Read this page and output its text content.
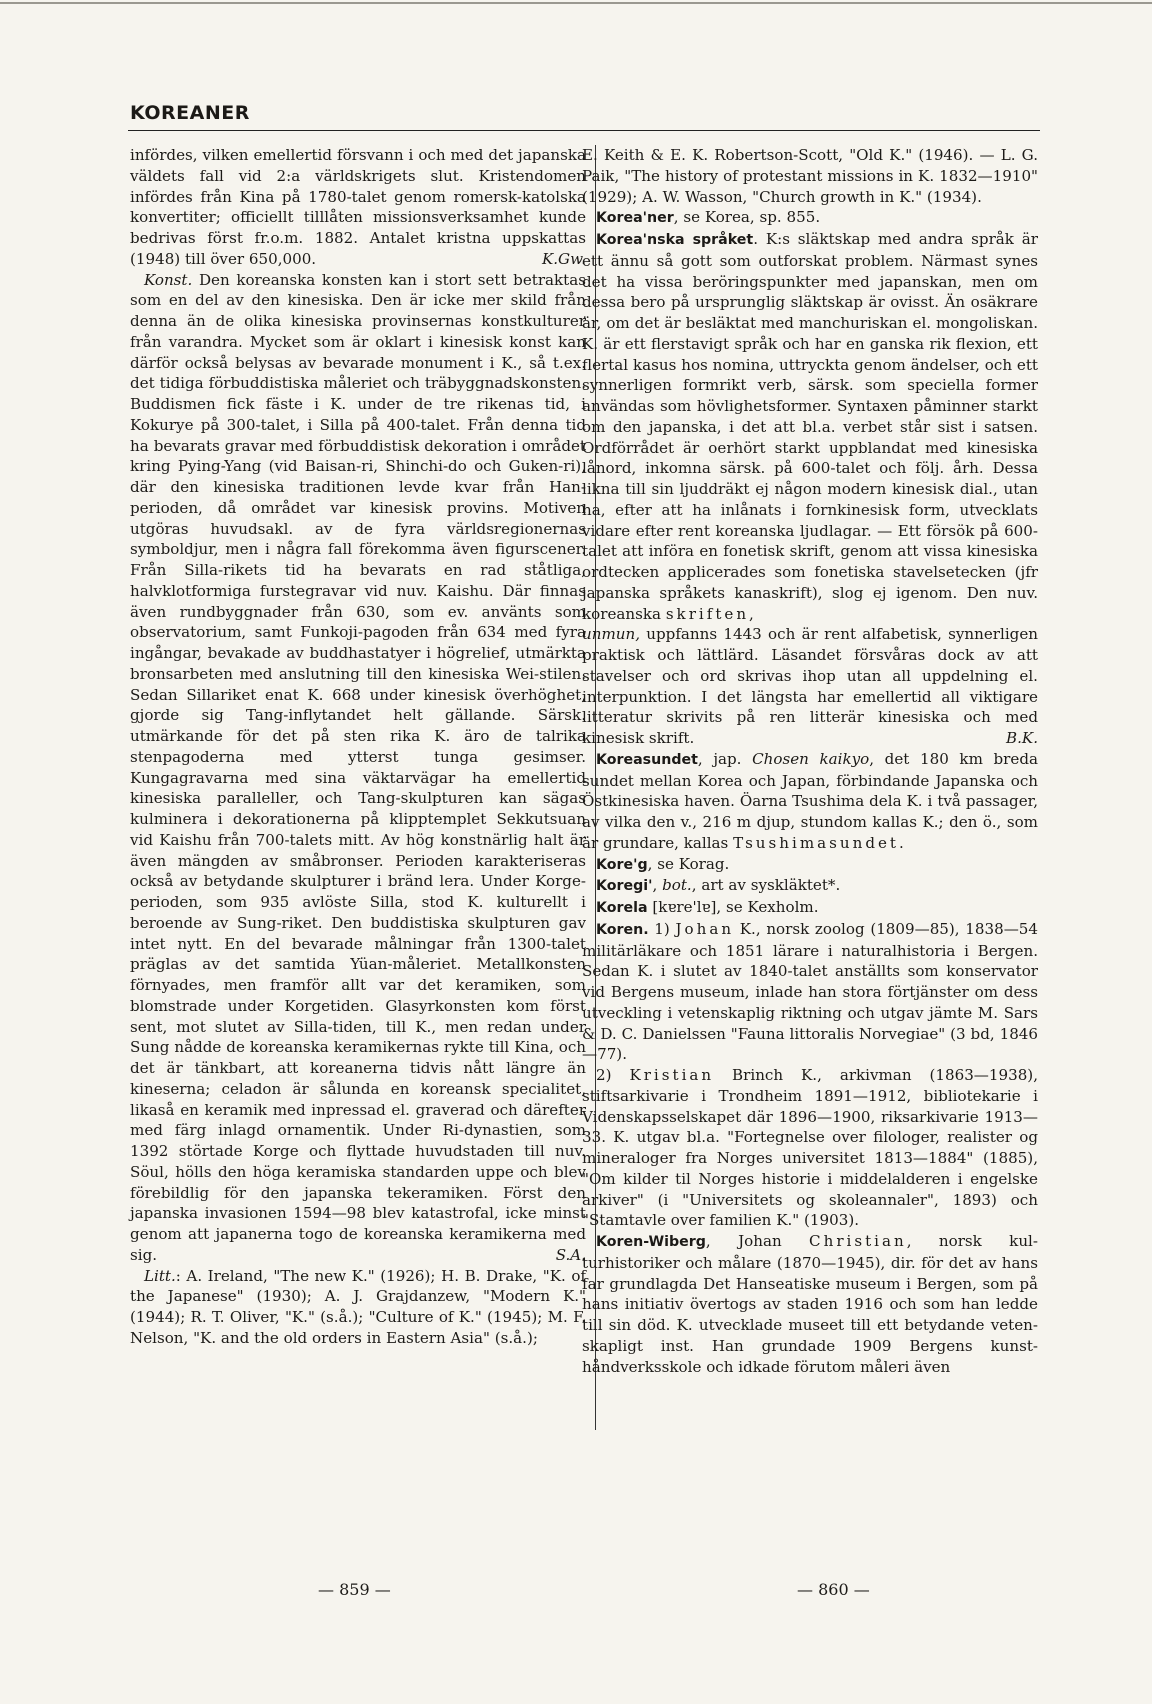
KOREANER

infördes, vilken emellertid försvann i och med det japanska väldets fall vid 2:a världskrigets slut. Kristendomen infördes från Kina på 1780-talet genom romersk-katolska konvertiter; officiellt tilllåten missionsverksamhet kunde bedrivas först fr.o.m. 1882. Antalet kristna uppskattas (1948) till över 650,000.	K.Gw.

Konst. Den koreanska konsten kan i stort sett betraktas som en del av den kinesiska. Den är icke mer skild från denna än de olika kinesiska provinsernas konstkulturer från varandra. Mycket som är oklart i kinesisk konst kan därför också belysas av bevarade monument i K., så t.ex. det tidiga förbuddistiska måleriet och träbyggnadskonsten. Buddismen fick fäste i K. under de tre rikenas tid, i Kokurye på 300-talet, i Silla på 400-talet. Från denna tid ha bevarats gravar med förbuddistisk dekoration i området kring Pying-Yang (vid Baisan-ri, Shinchi-do och Guken-ri), där den kinesiska traditionen levde kvar från Han-perioden, då området var kinesisk provins. Motiven utgöras huvudsakl. av de fyra världsregionernas symboldjur, men i några fall förekomma även figurscener. Från Silla-rikets tid ha bevarats en rad ståtliga, halvklotformiga furstegravar vid nuv. Kaishu. Där finnas även rundbyggnader från 630, som ev. använts som observatorium, samt Funkoji-pagoden från 634 med fyra ingångar, bevakade av buddhastatyer i högrelief, utmärkta bronsarbeten med anslutning till den kinesiska Wei-stilen. Sedan Sillariket enat K. 668 under kinesisk överhöghet, gjorde sig Tang-inflytandet helt gällande. Särsk. utmärkande för det på sten rika K. äro de talrika stenpagoderna med ytterst tunga gesimser. Kungagravarna med sina väktarvägar ha emellertid kinesiska paralleller, och Tang-skulpturen kan sägas kulminera i dekorationerna på klipptemplet Sekkutsuan vid Kaishu från 700-talets mitt. Av hög konstnärlig halt är även mängden av småbronser. Perioden karakteriseras också av betydande skulpturer i bränd lera. Under Korgeperioden, som 935 avlöste Silla, stod K. kulturellt i beroende av Sung-riket. Den buddistiska skulpturen gav intet nytt. En del bevarade målningar från 1300-talet präglas av det samtida Yüan-måleriet. Metallkonsten förnyades, men framför allt var det keramiken, som blomstrade under Korgetiden. Glasyrkonsten kom först sent, mot slutet av Silla-tiden, till K., men redan under Sung nådde de koreanska keramikernas rykte till Kina, och det är tänkbart, att koreanerna tidvis nått längre än kineserna; celadon är sålunda en koreansk specialitet, likaså en keramik med inpressad el. graverad och därefter med färg inlagd ornamentik. Under Ri-dynastien, som 1392 störtade Korge och flyttade huvudstaden till nuv. Söul, hölls den höga keramiska standarden uppe och blev förebildlig för den japanska tekeramiken. Först den japanska invasionen 1594—98 blev katastrofal, icke minst genom att japanerna togo de koreanska keramikerna med sig.	S.A.

Litt.: A. Ireland, "The new K." (1926); H. B. Drake, "K. of the Japanese" (1930); A. J. Grajdanzew, "Modern K." (1944); R. T. Oliver, "K." (s.å.); "Culture of K." (1945); M. F. Nelson, "K. and the old orders in Eastern Asia" (s.å.);

E. Keith & E. K. Robertson-Scott, "Old K." (1946). — L. G. Paik, "The history of protestant missions in K. 1832—1910" (1929); A. W. Wasson, "Church growth in K." (1934).

Korea'ner, se Korea, sp. 855.

Korea'nska språket. K:s släktskap med andra språk är ett ännu så gott som outforskat problem. Närmast synes det ha vissa beröringspunkter med japanskan, men om dessa bero på ursprunglig släktskap är ovisst. Än osäkrare är, om det är besläktat med manchuriskan el. mongoliskan. K. är ett flerstavigt språk och har en ganska rik flexion, ett flertal kasus hos nomina, uttryckta genom ändelser, och ett synnerligen formrikt verb, särsk. som speciella former användas som hövlighetsformer. Syntaxen påminner starkt om den japanska, i det att bl.a. verbet står sist i satsen. Ordförrådet är oerhört starkt uppblandat med kinesiska lånord, inkomna särsk. på 600-talet och följ. årh. Dessa likna till sin ljuddräkt ej någon modern kinesisk dial., utan ha, efter att ha inlånats i fornkinesisk form, utvecklats vidare efter rent koreanska ljudlagar. — Ett försök på 600talet att införa en fonetisk skrift, genom att vissa kinesiska ordtecken applicerades som fonetiska stavelsetecken (jfr japanska språkets kanaskrift), slog ej igenom. Den nuv. koreanska skriften,
unmun, uppfanns 1443 och är rent alfabetisk, synnerligen praktisk och lättlärd. Läsandet försvåras dock av att stavelser och ord skrivas ihop utan all uppdelning el. interpunktion. I det längsta har emellertid all viktigare litteratur skrivits på ren litterär kinesiska och med kinesisk skrift.	B.K.

Koreasundet, jap. Chosen kaikyo, det 180 km breda sundet mellan Korea och Japan, förbindande Japanska och Östkinesiska haven. Öarna Tsushima dela K. i två passager, av vilka den v., 216 m djup, stundom kallas K.; den ö., som är grundare, kallas Tsushimasundet.

Kore'g, se Korag.

Koregi', bot., art av syskläktet*.

Korela [kɐre'lɐ], se Kexholm.

Koren. 1) Johan K., norsk zoolog (1809—85), 1838—54 militärläkare och 1851 lärare i naturalhistoria i Bergen. Sedan K. i slutet av 1840-talet anställts som konservator vid Bergens museum, inlade han stora förtjänster om dess utveckling i vetenskaplig riktning och utgav jämte M. Sars & D. C. Danielssen "Fauna littoralis Norvegiae" (3 bd, 1846—77).

2) Kristian Brinch K., arkivman (1863—1938), stiftsarkivarie i Trondheim 1891—1912, bibliotekarie i Videnskapsselskapet där 1896—1900, riksarkivarie 1913—33. K. utgav bl.a. "Fortegnelse over filologer, realister og mineraloger fra Norges universitet 1813—1884" (1885), "Om kilder til Norges historie i middelalderen i engelske arkiver" (i "Universitets og skoleannaler", 1893) och "Stamtavle over familien K." (1903).

Koren-Wiberg, Johan Christian, norsk kulturhistoriker och målare (1870—1945), dir. för det av hans far grundlagda Det Hanseatiske museum i Bergen, som på hans initiativ övertogs av staden 1916 och som han ledde till sin död. K. utvecklade museet till ett betydande vetenskapligt inst. Han grundade 1909 Bergens kunsthåndverksskole och idkade förutom måleri även

— 859 —	— 860 —
